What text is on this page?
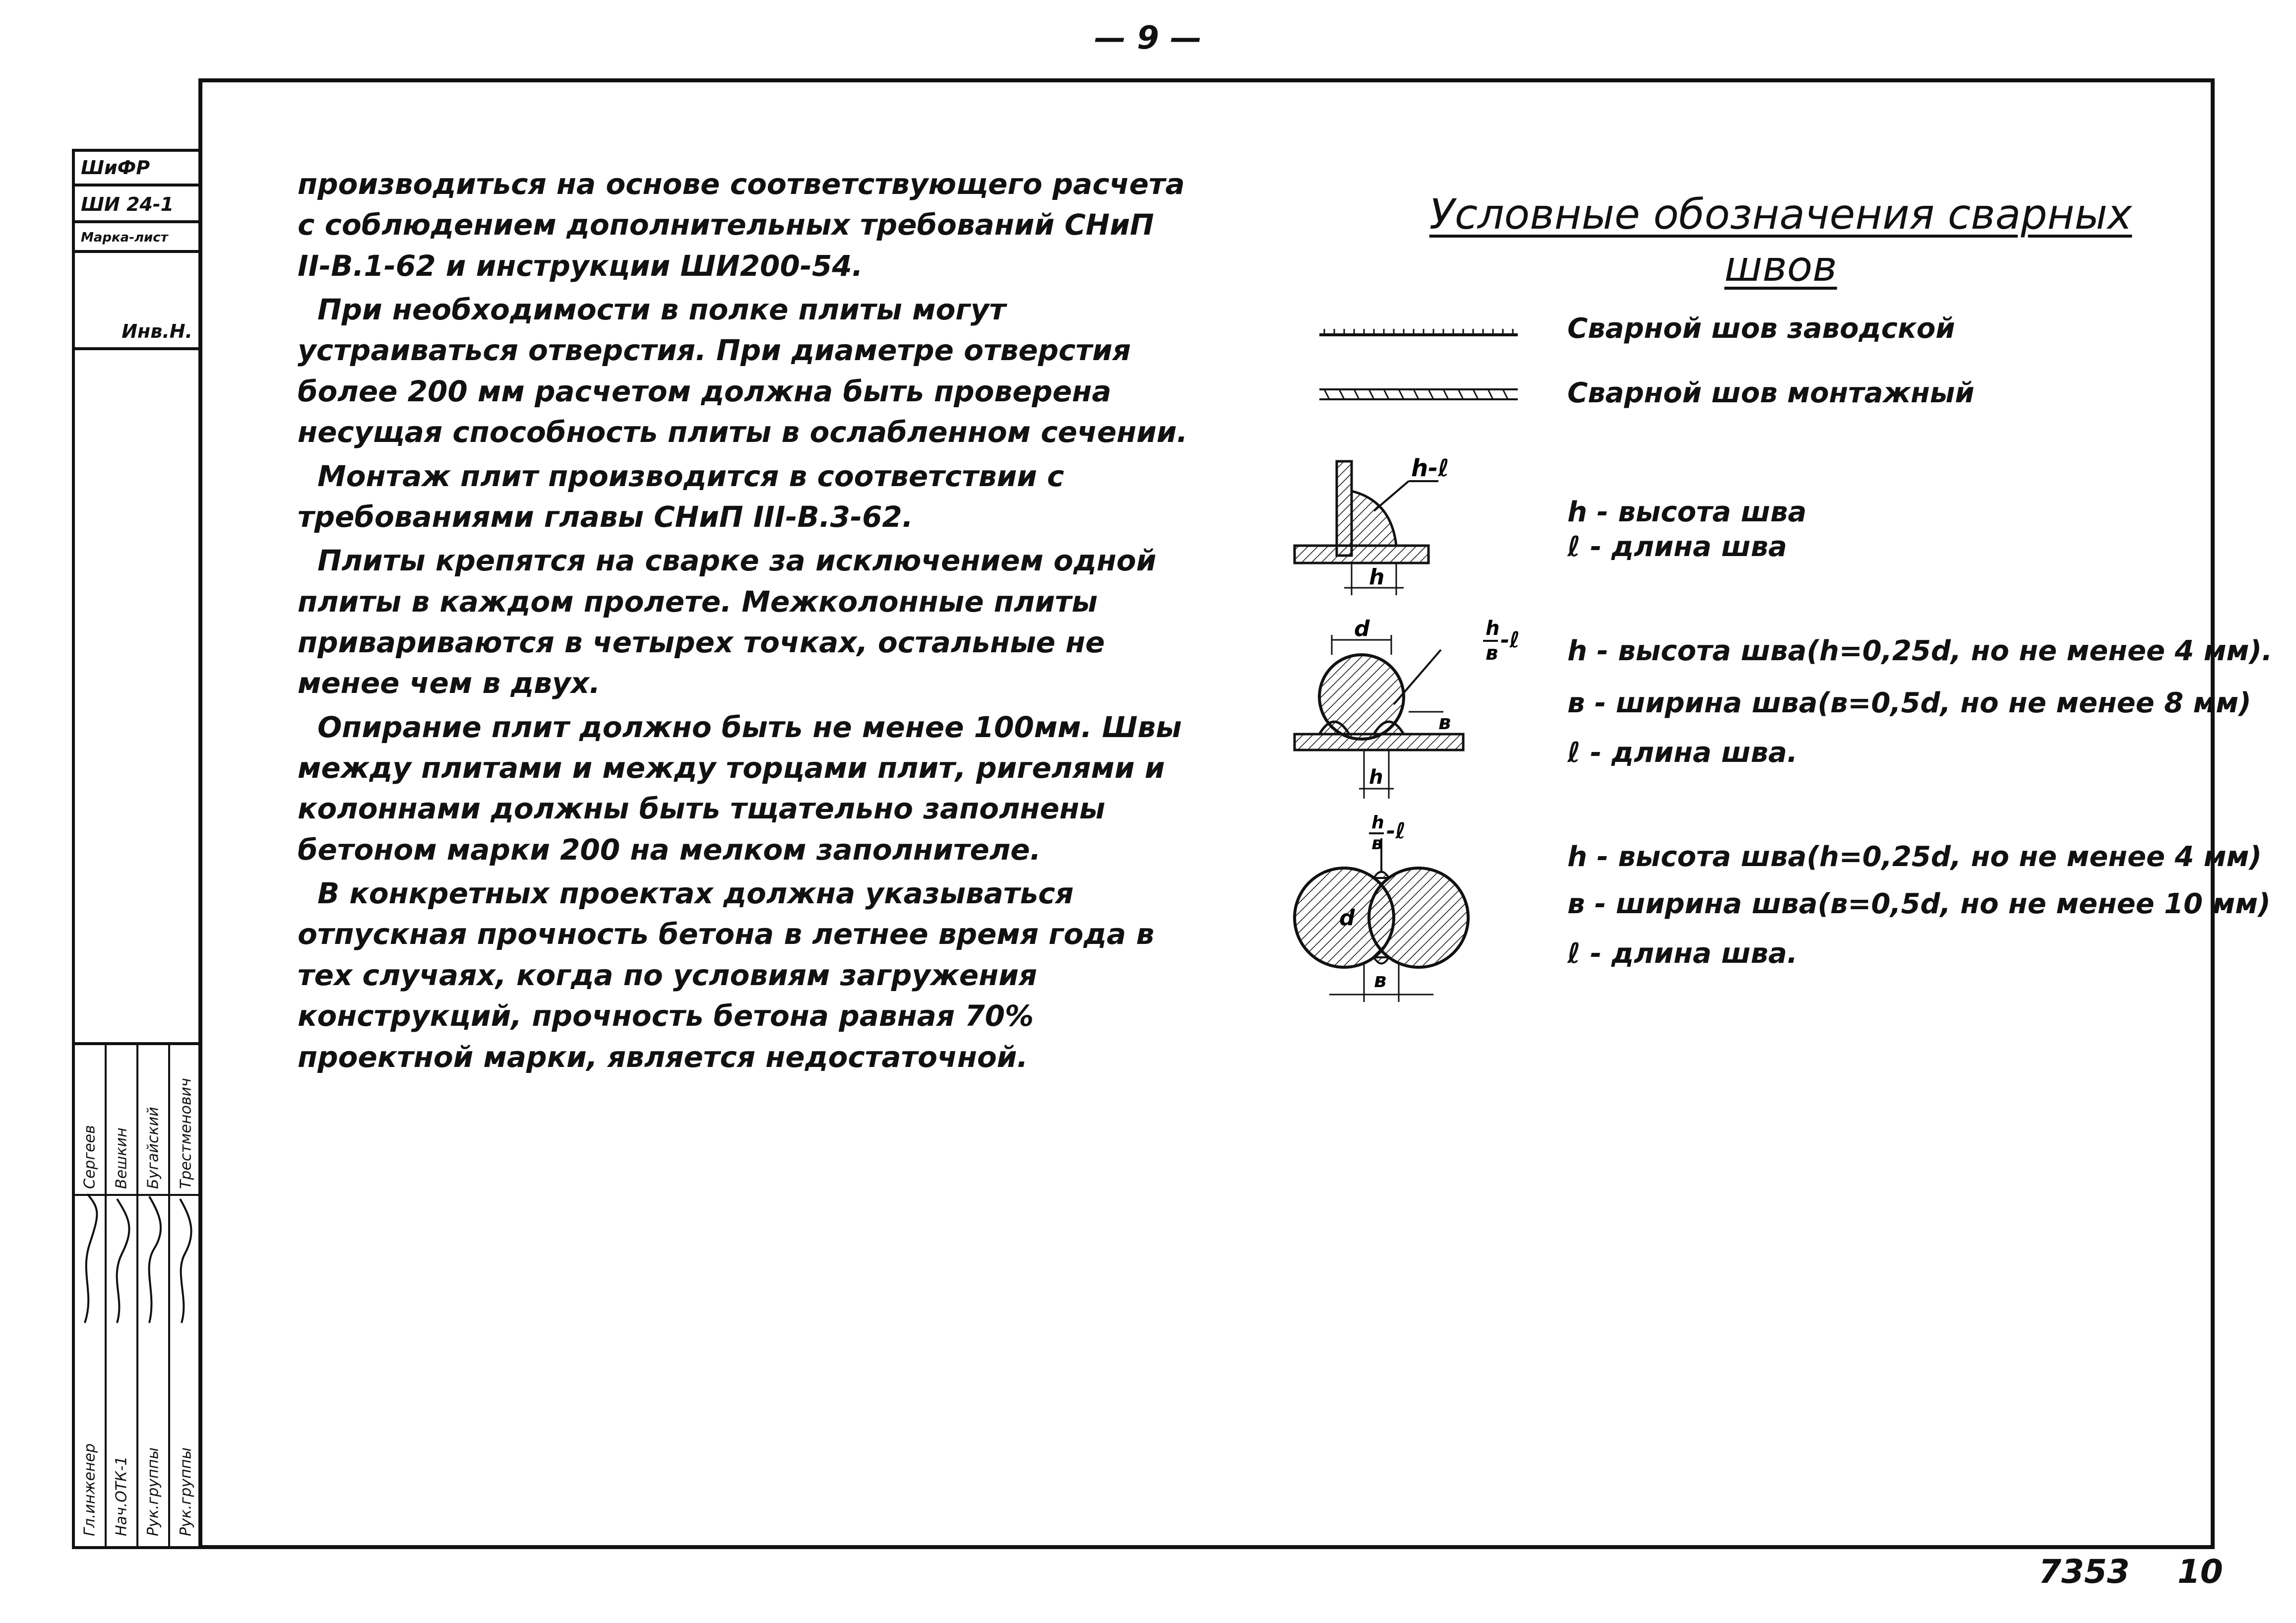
— 9 —
ШиФР
ШИ 24-1
Марка-лист
Инв.Н.
Гл.инженер
Сергеев
Нач.ОТК-1
Вешкин
Рук.группы
Бугайский
Рук.группы
Трестменович

производиться на основе соответствующего расчета с соблюдением дополнительных требований СНиП II-В.1-62 и инструкции ШИ200-54.

При необходимости в полке плиты могут устраиваться отверстия. При диаметре отверстия более 200 мм расчетом должна быть проверена несущая способность плиты в ослабленном сечении.

Монтаж плит производится в соответствии с требованиями главы СНиП III-В.3-62.

Плиты крепятся на сварке за исключением одной плиты в каждом пролете. Межколонные плиты привариваются в четырех точках, остальные не менее чем в двух.

Опирание плит должно быть не менее 100мм. Швы между плитами и между торцами плит, ригелями и колоннами должны быть тщательно заполнены бетоном марки 200 на мелком заполнителе.

В конкретных проектах должна указываться отпускная прочность бетона в летнее время года в тех случаях, когда по условиям загружения конструкций, прочность бетона равная 70% проектной марки, является недостаточной.

Условные обозначения сварных
швов
Сварной шов заводской
Сварной шов монтажный
h-ℓ
h
h - высота шва
ℓ - длина шва
d	h
в
-ℓ
в
h
h - высота шва(h=0,25d, но не менее 4 мм).
в - ширина шва(в=0,5d, но не менее 8 мм)
ℓ - длина шва.
h
в -ℓ
d
в
h - высота шва(h=0,25d, но не менее 4 мм)
в - ширина шва(в=0,5d, но не менее 10 мм)
ℓ - длина шва.
7353 10
